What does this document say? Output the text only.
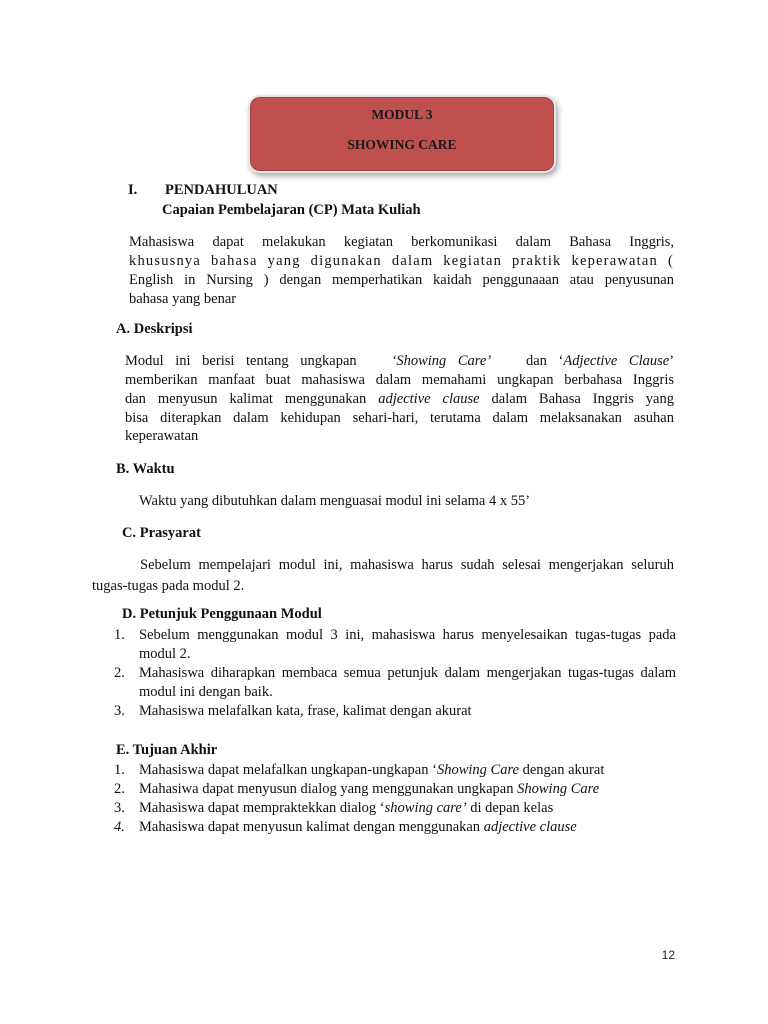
MODUL 3
SHOWING CARE
I. PENDAHULUAN
Capaian Pembelajaran (CP) Mata Kuliah
Mahasiswa dapat melakukan kegiatan berkomunikasi dalam Bahasa Inggris,
khususnya bahasa yang digunakan dalam kegiatan praktik keperawatan (
English in Nursing ) dengan memperhatikan kaidah penggunaaan atau penyusunan
bahasa yang benar
A. Deskripsi
Modul ini berisi tentang ungkapan ‘Showing Care’ dan ‘Adjective Clause’
memberikan manfaat buat mahasiswa dalam memahami ungkapan berbahasa Inggris
dan menyusun kalimat menggunakan adjective clause dalam Bahasa Inggris yang
bisa diterapkan dalam kehidupan sehari-hari, terutama dalam melaksanakan asuhan
keperawatan
B. Waktu
Waktu yang dibutuhkan dalam menguasai modul ini selama 4 x 55’
C. Prasyarat
Sebelum mempelajari modul ini, mahasiswa harus sudah selesai mengerjakan seluruh
tugas-tugas pada modul 2.
D. Petunjuk Penggunaan Modul
1. Sebelum menggunakan modul 3 ini, mahasiswa harus menyelesaikan tugas-tugas pada modul 2.
2. Mahasiswa diharapkan membaca semua petunjuk dalam mengerjakan tugas-tugas dalam modul ini dengan baik.
3. Mahasiswa melafalkan kata, frase, kalimat dengan akurat
E. Tujuan Akhir
1. Mahasiswa dapat melafalkan ungkapan-ungkapan ‘Showing Care dengan akurat
2. Mahasiwa dapat menyusun dialog yang menggunakan ungkapan Showing Care
3. Mahasiswa dapat mempraktekkan dialog ‘showing care’ di depan kelas
4. Mahasiswa dapat menyusun kalimat dengan menggunakan adjective clause
12
